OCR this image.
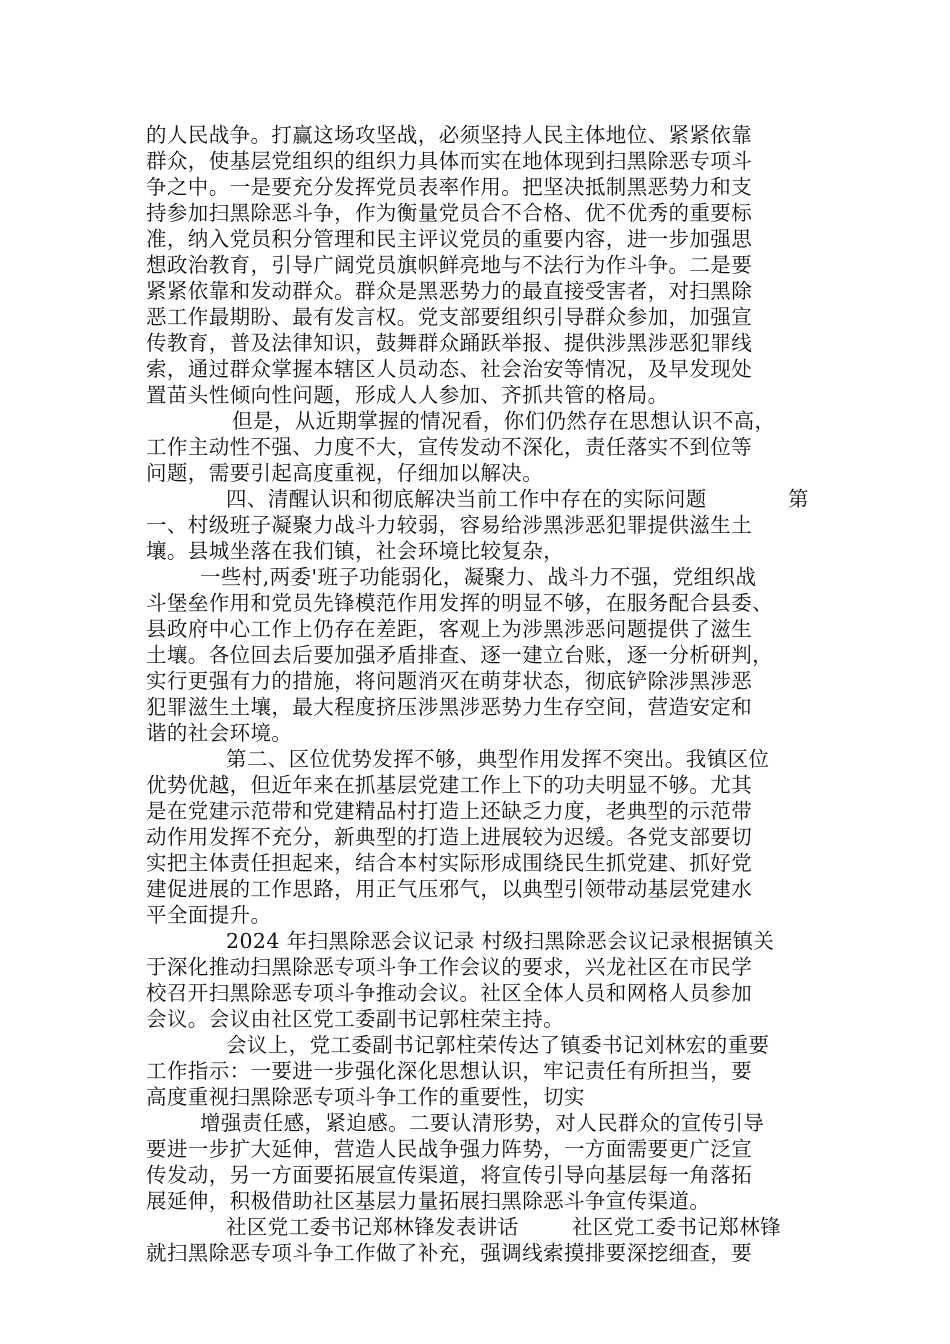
的人民战争。打赢这场攻坚战，必须坚持人民主体地位、紧紧依靠
群众，使基层党组织的组织力具体而实在地体现到扫黑除恶专项斗
争之中。一是要充分发挥党员表率作用。把坚决抵制黑恶势力和支
持参加扫黑除恶斗争，作为衡量党员合不合格、优不优秀的重要标
准，纳入党员积分管理和民主评议党员的重要内容，进一步加强思
想政治教育，引导广阔党员旗帜鲜亮地与不法行为作斗争。二是要
紧紧依靠和发动群众。群众是黑恶势力的最直接受害者，对扫黑除
恶工作最期盼、最有发言权。党支部要组织引导群众参加，加强宣
传教育，普及法律知识，鼓舞群众踊跃举报、提供涉黑涉恶犯罪线
索，通过群众掌握本辖区人员动态、社会治安等情况，及早发现处
置苗头性倾向性问题，形成人人参加、齐抓共管的格局。
但是，从近期掌握的情况看，你们仍然存在思想认识不高，
工作主动性不强、力度不大，宣传发动不深化，责任落实不到位等
问题，需要引起高度重视，仔细加以解决。
四、清醒认识和彻底解决当前工作中存在的实际问题	第
一、村级班子凝聚力战斗力较弱，容易给涉黑涉恶犯罪提供滋生土
壤。县城坐落在我们镇，社会环境比较复杂，
一些村,两委'班子功能弱化，凝聚力、战斗力不强，党组织战
斗堡垒作用和党员先锋模范作用发挥的明显不够，在服务配合县委、
县政府中心工作上仍存在差距，客观上为涉黑涉恶问题提供了滋生
土壤。各位回去后要加强矛盾排查、逐一建立台账，逐一分析研判，
实行更强有力的措施，将问题消灭在萌芽状态，彻底铲除涉黑涉恶
犯罪滋生土壤，最大程度挤压涉黑涉恶势力生存空间，营造安定和
谐的社会环境。
第二、区位优势发挥不够，典型作用发挥不突出。我镇区位
优势优越，但近年来在抓基层党建工作上下的功夫明显不够。尤其
是在党建示范带和党建精品村打造上还缺乏力度，老典型的示范带
动作用发挥不充分，新典型的打造上进展较为迟缓。各党支部要切
实把主体责任担起来，结合本村实际形成围绕民生抓党建、抓好党
建促进展的工作思路，用正气压邪气，以典型引领带动基层党建水
平全面提升。
2024 年扫黑除恶会议记录 村级扫黑除恶会议记录根据镇关
于深化推动扫黑除恶专项斗争工作会议的要求，兴龙社区在市民学
校召开扫黑除恶专项斗争推动会议。社区全体人员和网格人员参加
会议。会议由社区党工委副书记郭柱荣主持。
会议上，党工委副书记郭柱荣传达了镇委书记刘林宏的重要
工作指示：一要进一步强化深化思想认识，牢记责任有所担当，要
高度重视扫黑除恶专项斗争工作的重要性，切实
增强责任感，紧迫感。二要认清形势，对人民群众的宣传引导
要进一步扩大延伸，营造人民战争强力阵势，一方面需要更广泛宣
传发动，另一方面要拓展宣传渠道，将宣传引导向基层每一角落拓
展延伸，积极借助社区基层力量拓展扫黑除恶斗争宣传渠道。
社区党工委书记郑林锋发表讲话	社区党工委书记郑林锋
就扫黑除恶专项斗争工作做了补充，强调线索摸排要深挖细查，要
